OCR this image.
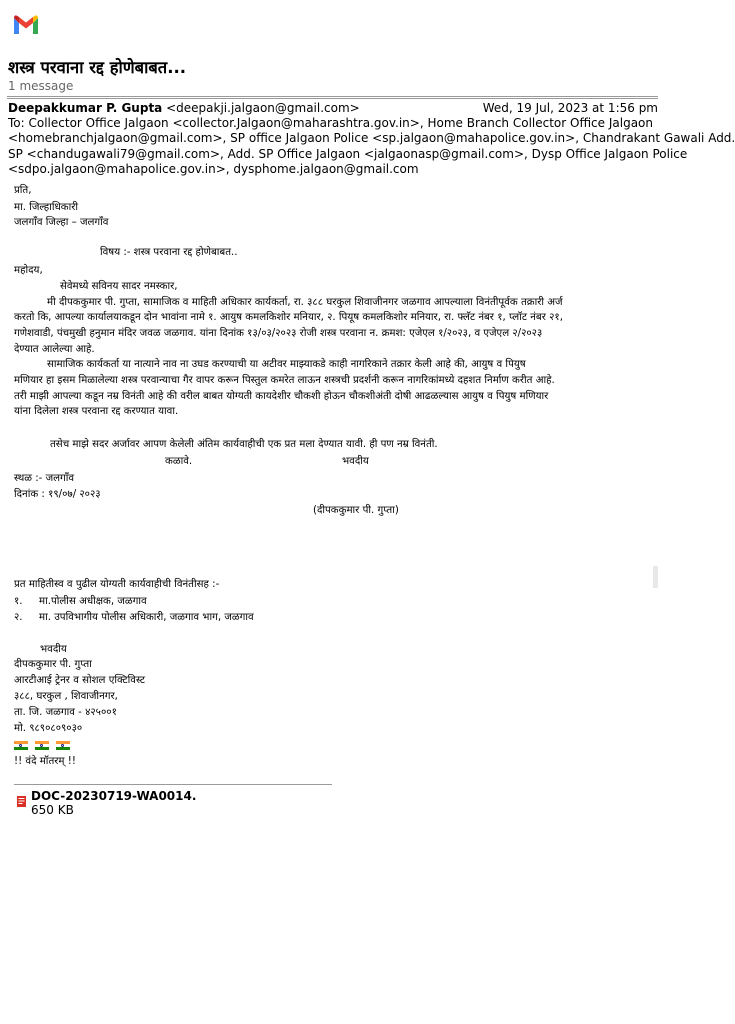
शस्त्र परवाना रद्द होणेबाबत...
1 message
Deepakkumar P. Gupta <deepakji.jalgaon@gmail.com>	Wed, 19 Jul, 2023 at 1:56 pm
To: Collector Office Jalgaon <collector.Jalgaon@maharashtra.gov.in>, Home Branch Collector Office Jalgaon
<homebranchjalgaon@gmail.com>, SP office Jalgaon Police <sp.jalgaon@mahapolice.gov.in>, Chandrakant Gawali Add.
SP <chandugawali79@gmail.com>, Add. SP Office Jalgaon <jalgaonasp@gmail.com>, Dysp Office Jalgaon Police
<sdpo.jalgaon@mahapolice.gov.in>, dysphome.jalgaon@gmail.com
प्रति,
मा. जिल्हाधिकारी
जलगाँव जिल्हा – जलगाँव
विषय :- शस्त्र परवाना रद्द होणेबाबत..
महोदय,
सेवेमध्ये सविनय सादर नमस्कार,
मी दीपककुमार पी. गुप्ता, सामाजिक व माहिती अधिकार कार्यकर्ता, रा. ३८८ घरकुल शिवाजीनगर जळगाव आपल्याला विनंतीपूर्वक तक्रारी अर्ज
करतो कि, आपल्या कार्यालयाकडून दोन भावांना नामे १. आयुष कमलकिशोर मनियार, २. पियूष कमलकिशोर मनियार, रा. फ्लॅट नंबर १, प्लॉट नंबर २१,
गणेशवाडी, पंचमुखी हनुमान मंदिर जवळ जळगाव. यांना दिनांक १३/०३/२०२३ रोजी शस्त्र परवाना न. क्रमश: एजेएल १/२०२३, व एजेएल २/२०२३
देण्यात आलेल्या आहे.
सामाजिक कार्यकर्ता या नात्याने नाव ना उघड करण्याची या अटीवर माझ्याकडे काही नागरिकाने तक्रार केली आहे की, आयुष व पियुष
मणियार हा इसम मिळालेल्या शस्त्र परवान्याचा गैर वापर करून पिस्तुल कमरेत लाऊन शस्त्रची प्रदर्शनी करून नागरिकांमध्ये दहशत निर्माण करीत आहे.
तरी माझी आपल्या कडून नम्र विनंती आहे की वरील बाबत योग्यती कायदेशीर चौकशी होऊन चौकशीअंती दोषी आढळल्यास आयुष व पियुष मणियार
यांना दिलेला शस्त्र परवाना रद्द करण्यात यावा.
तसेच माझे सदर अर्जावर आपण केलेली अंतिम कार्यवाहीची एक प्रत मला देण्यात यावी. ही पण नम्र विनंती.
कळावे.	भवदीय
स्थळ :- जलगाँव
दिनांक : १९/०७/ २०२३
(दीपककुमार पी. गुप्ता)
प्रत माहितीस्व व पुढील योग्यती कार्यवाहीची विनंतीसह :-
१. मा.पोलीस अधीक्षक, जळगाव
२. मा. उपविभागीय पोलीस अधिकारी, जळगाव भाग, जळगाव
भवदीय
दीपककुमार पी. गुप्ता
आरटीआई ट्रेनर व सोशल एक्टिविस्ट
३८८, घरकुल , शिवाजीनगर,
ता. जि. जळगाव - ४२५००१
मो. ९८९०८०९०३०
!! वंदे मॉतरम् !!

DOC-20230719-WA0014.
650 KB
